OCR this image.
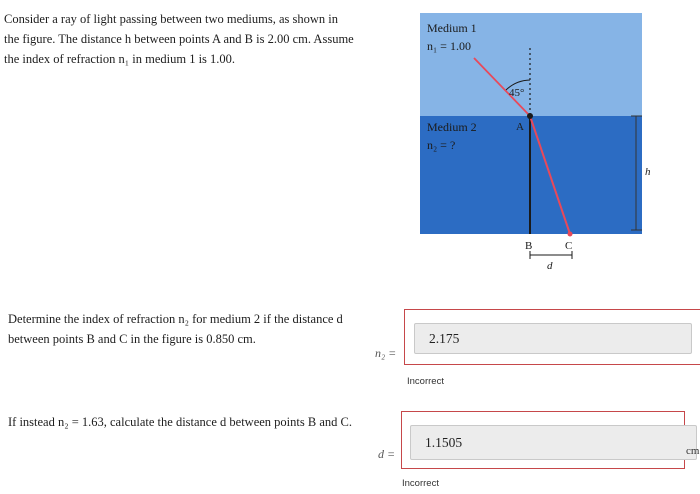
Consider a ray of light passing between two mediums, as shown in the figure. The distance h between points A and B is 2.00 cm. Assume the index of refraction n₁ in medium 1 is 1.00.
Determine the index of refraction n₂ for medium 2 if the distance d between points B and C in the figure is 0.850 cm.
If instead n₂ = 1.63, calculate the distance d between points B and C.
Medium 1
n₁ = 1.00
Medium 2
n₂ = ?
45°
A
B	C
d
h
n₂ =
2.175
Incorrect
d =
1.1505
cm
Incorrect
